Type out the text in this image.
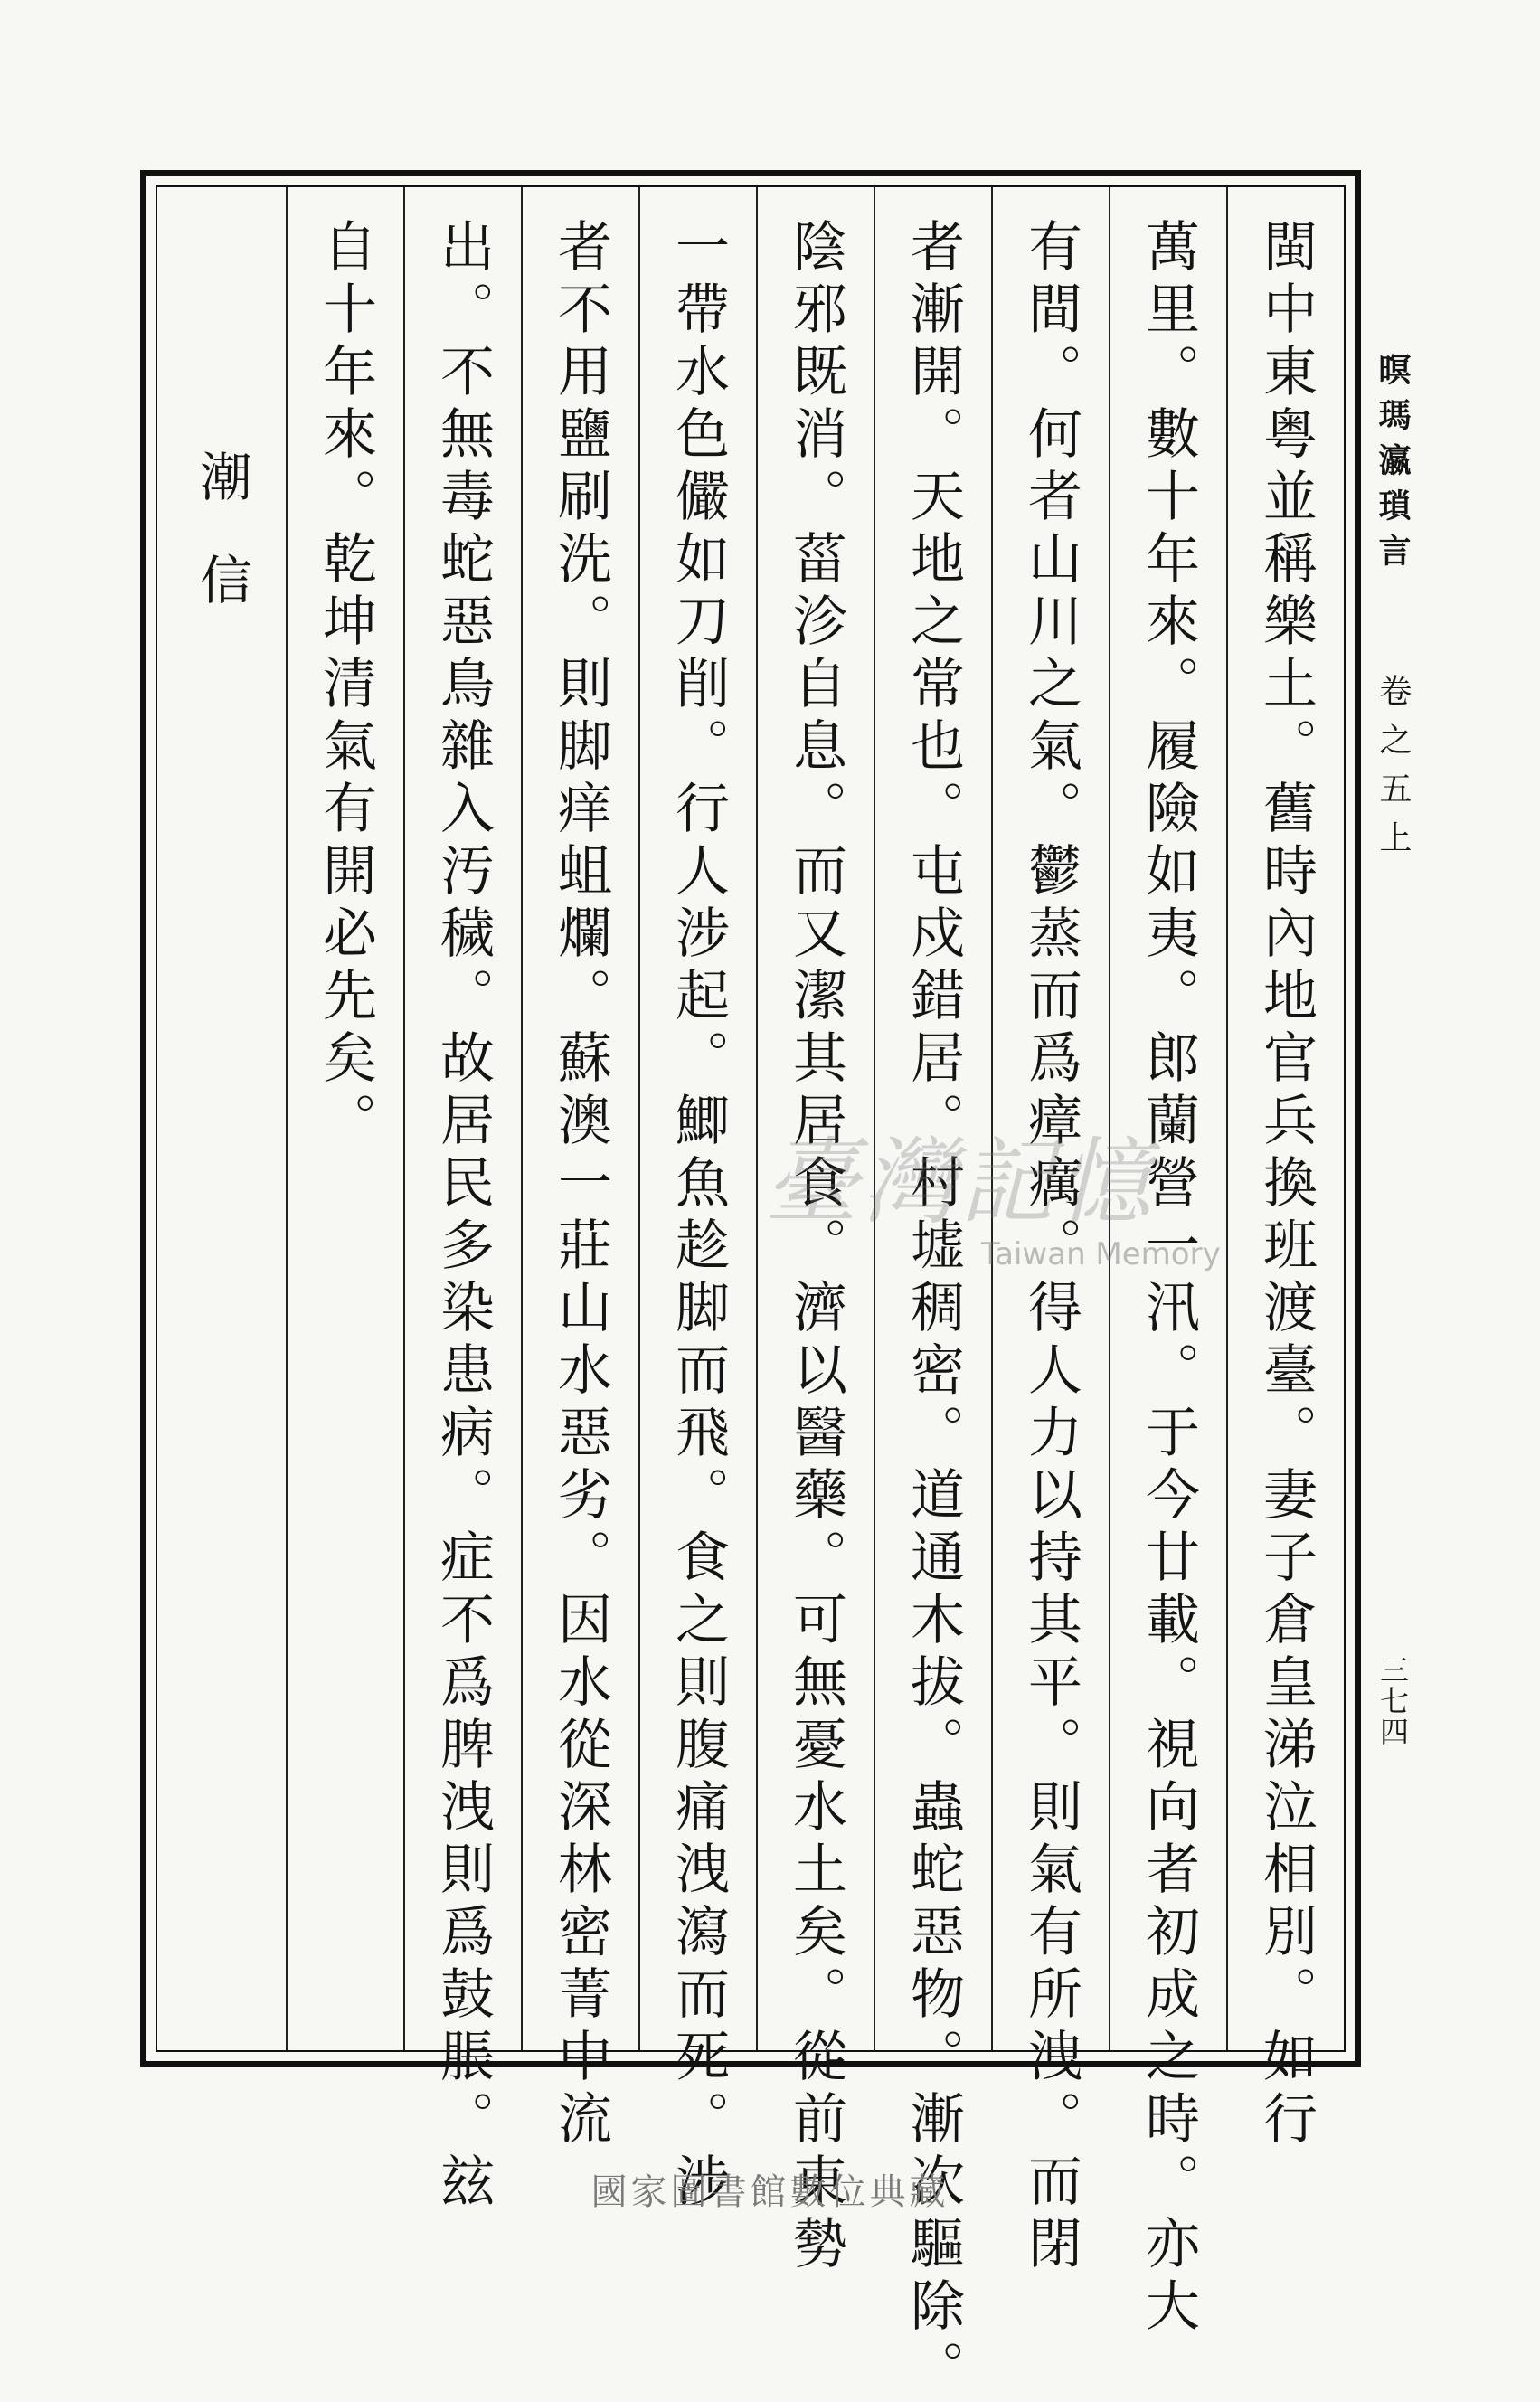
閩中東粤並稱樂土。舊時內地官兵換班渡臺。妻子倉皇涕泣相別。如行
萬里。數十年來。履險如夷。郎蘭營一汛。于今廿載。視向者初成之時。亦大
有間。何者山川之氣。鬱蒸而爲瘴癘。得人力以持其平。則氣有所洩。而閉
者漸開。天地之常也。屯戍錯居。村墟稠密。道通木拔。蟲蛇惡物。漸次驅除。
陰邪既消。菑沴自息。而又潔其居食。濟以醫藥。可無憂水土矣。從前東勢
一帶水色儼如刀削。行人涉起。鯽魚趁脚而飛。食之則腹痛洩瀉而死。涉
者不用鹽刷洗。則脚痒蛆爛。蘇澳一莊山水惡劣。因水從深林密菁中流
出。不無毒蛇惡鳥雜入汚穢。故居民多染患病。症不爲脾洩則爲鼓脹。玆
自十年來。乾坤清氣有開必先矣。
潮信	暝瑪瀛瑣言
卷之五上
三七四
臺灣記憶
Taiwan Memory
國家圖書館數位典藏
